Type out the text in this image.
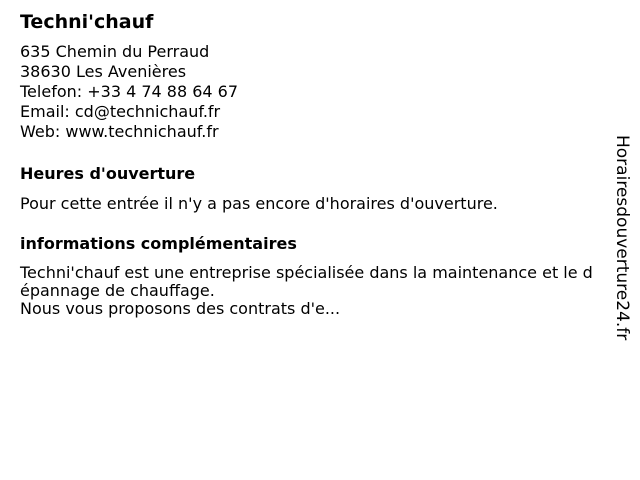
Techni'chauf
635 Chemin du Perraud
38630 Les Avenières
Telefon: +33 4 74 88 64 67
Email: cd@technichauf.fr
Web: www.technichauf.fr
Heures d'ouverture
Pour cette entrée il n'y a pas encore d'horaires d'ouverture.
informations complémentaires
Techni'chauf est une entreprise spécialisée dans la maintenance et le dépannage de chauffage.
Nous vous proposons des contrats d'e...	Horairesdouverture24.fr
